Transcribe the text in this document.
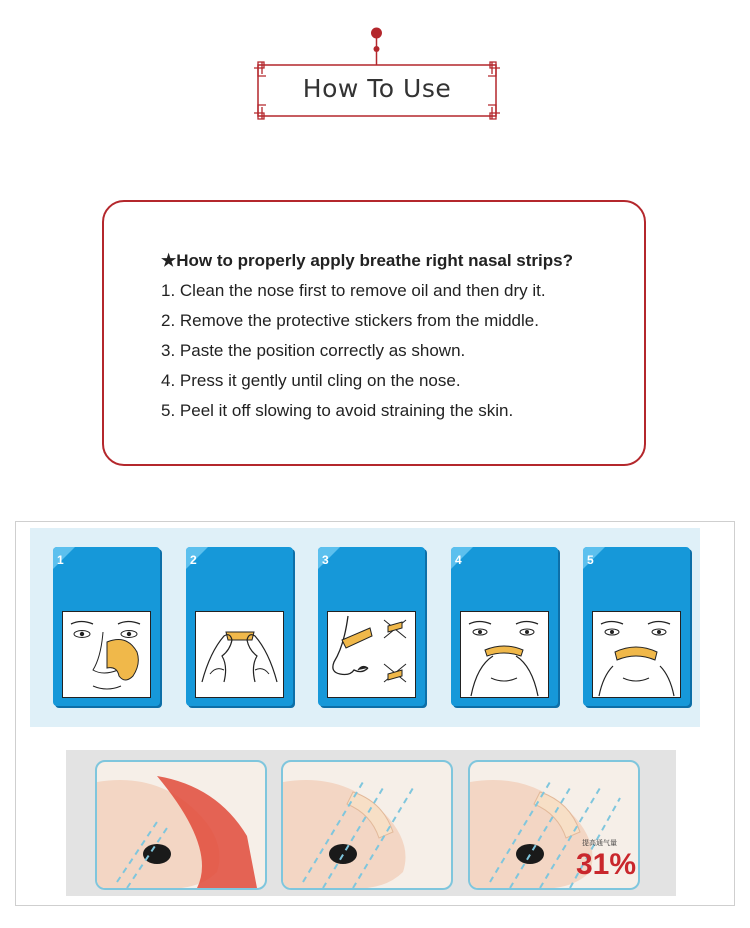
How To Use
★How to properly apply breathe right nasal strips?
1. Clean the nose first to remove oil and then dry it.
2. Remove the protective stickers from the middle.
3. Paste the position correctly as shown.
4. Press it gently until cling on the nose.
5. Peel it off slowing to avoid straining the skin.
1	2	3	4	5
提高通气量
31%
